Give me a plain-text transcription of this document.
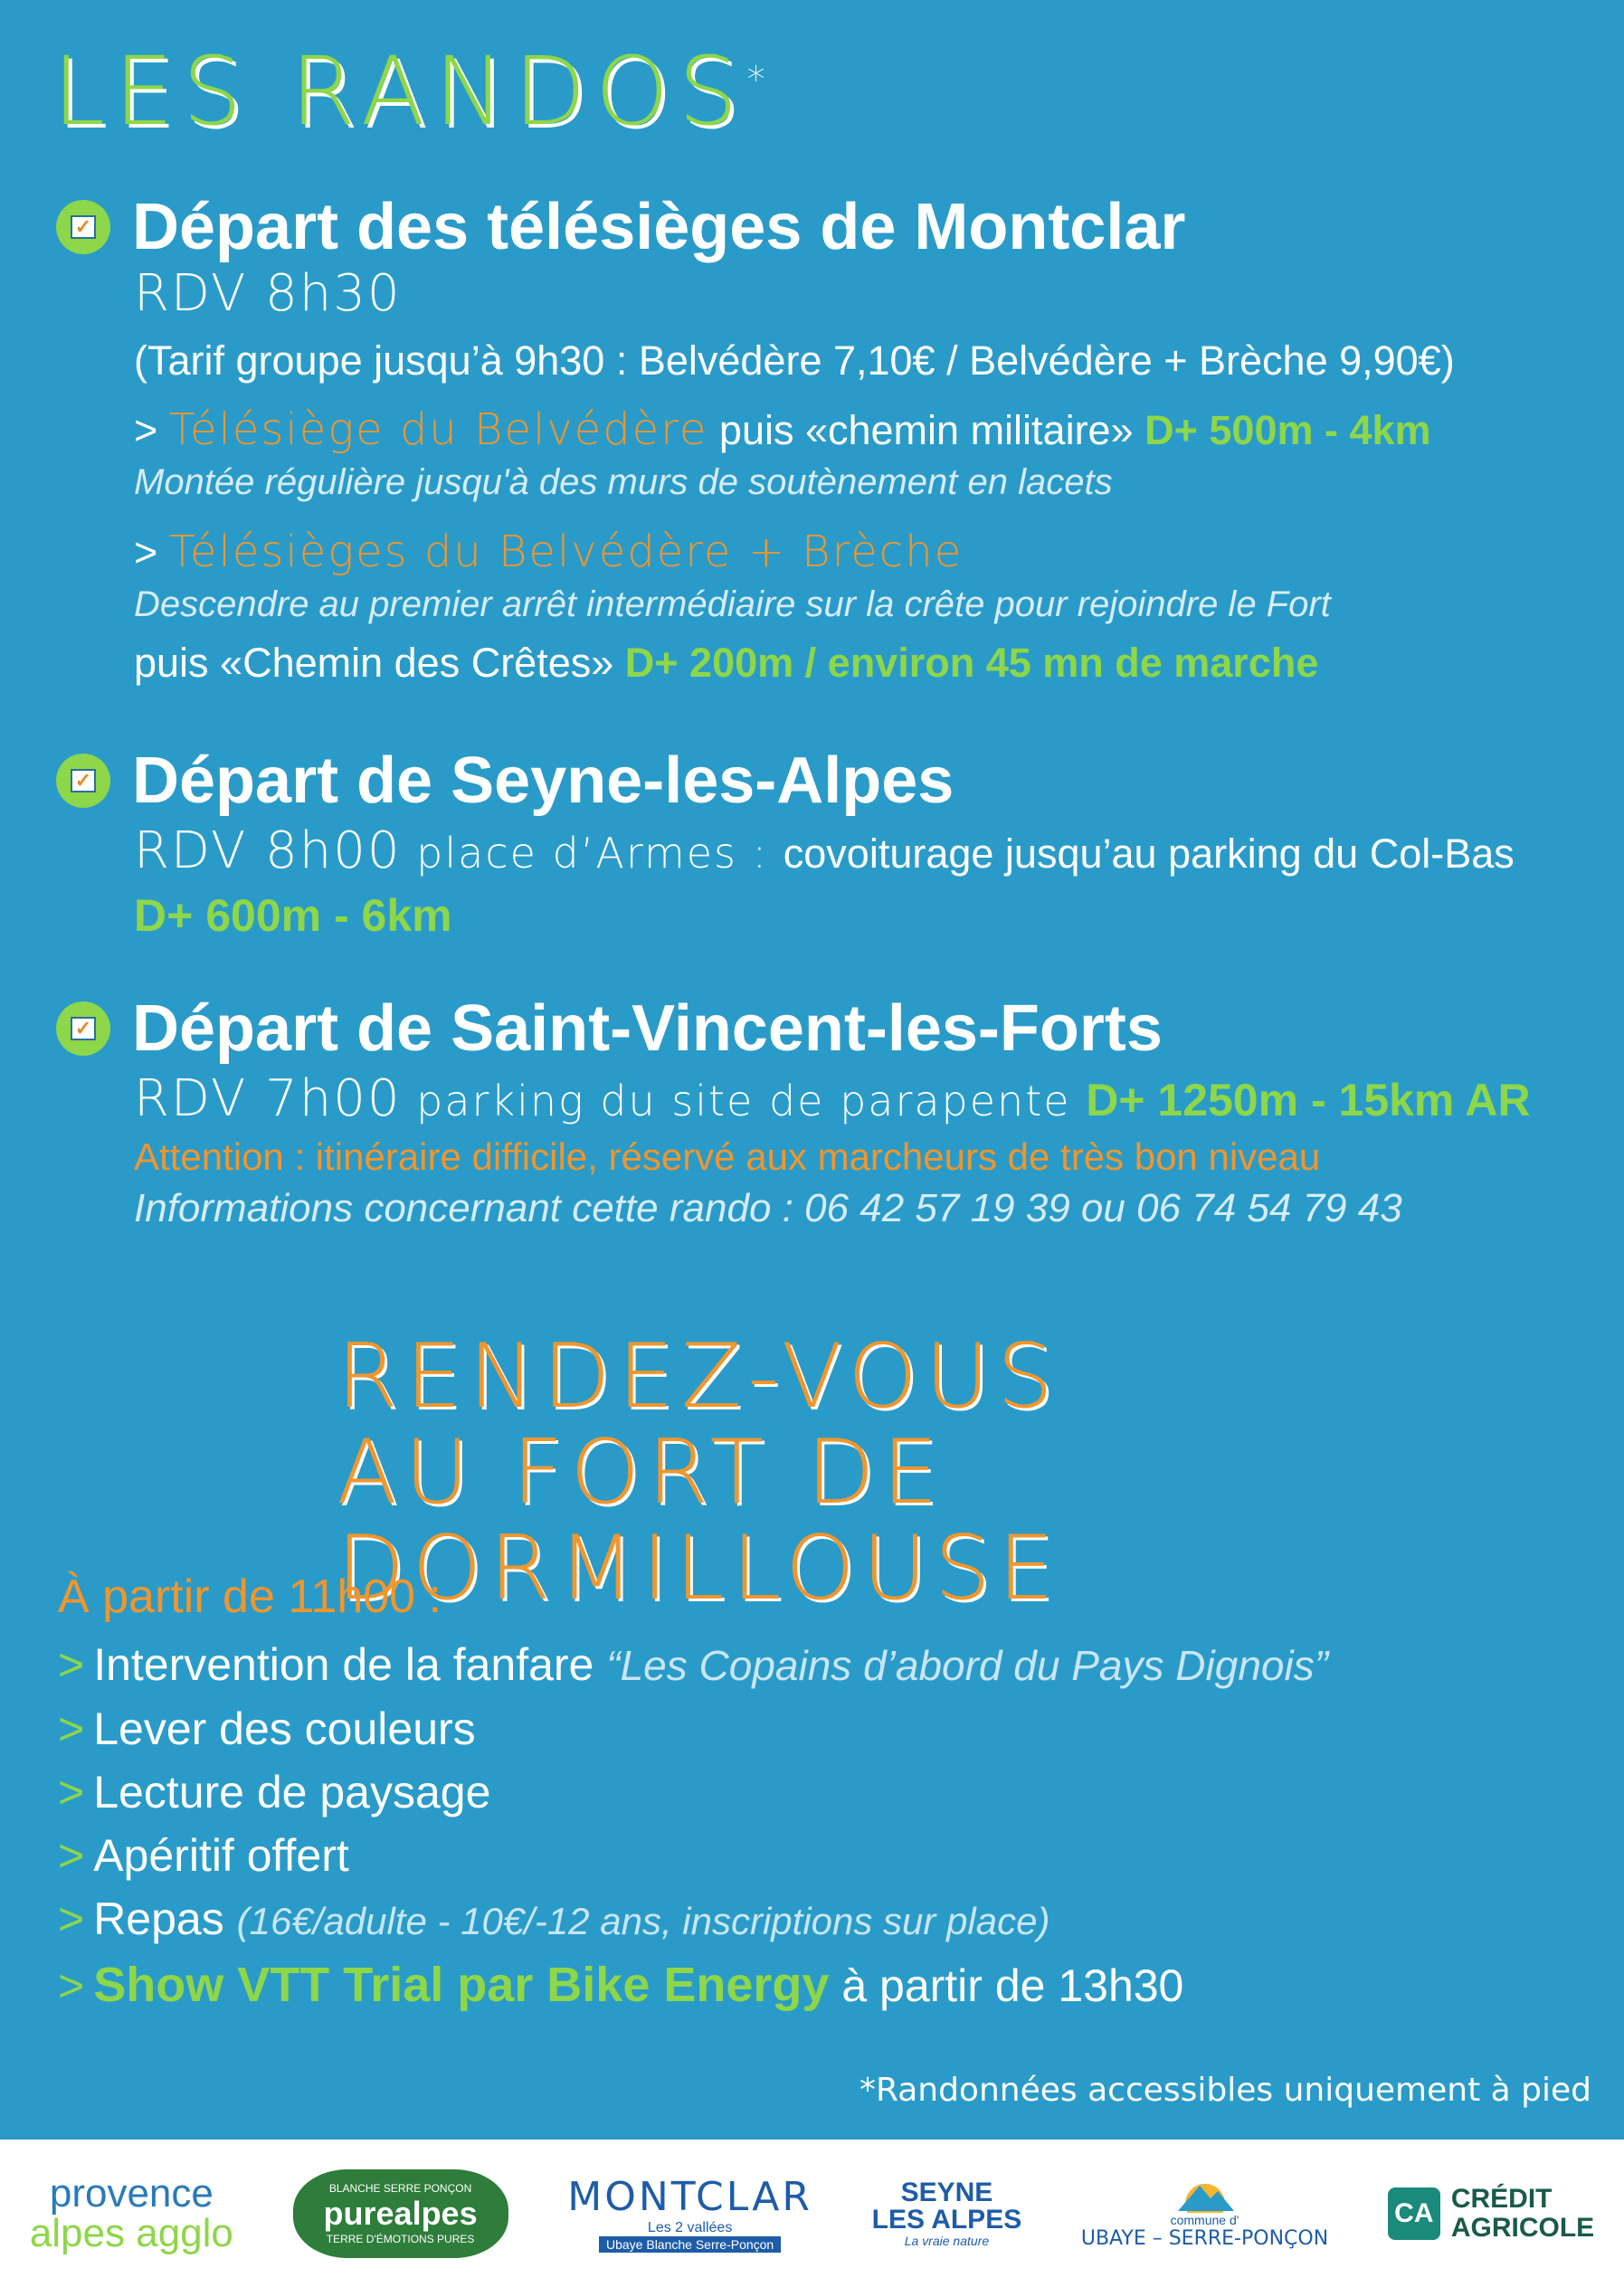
LES RANDOS*
✓ Départ des télésièges de Montclar
RDV 8h30
(Tarif groupe jusqu’à 9h30 : Belvédère 7,10€ / Belvédère + Brèche 9,90€)
> Télésiège du Belvédère puis «chemin militaire» D+ 500m - 4km
Montée régulière jusqu'à des murs de soutènement en lacets
> Télésièges du Belvédère + Brèche
Descendre au premier arrêt intermédiaire sur la crête pour rejoindre le Fort
puis «Chemin des Crêtes» D+ 200m / environ 45 mn de marche
✓ Départ de Seyne-les-Alpes
RDV 8h00 place d’Armes : covoiturage jusqu’au parking du Col-Bas
D+ 600m - 6km
✓ Départ de Saint-Vincent-les-Forts
RDV 7h00 parking du site de parapente D+ 1250m - 15km AR
Attention : itinéraire difficile, réservé aux marcheurs de très bon niveau
Informations concernant cette rando : 06 42 57 19 39 ou 06 74 54 79 43
RENDEZ-VOUS
AU FORT DE DORMILLOUSE
À partir de 11h00 :
> Intervention de la fanfare “Les Copains d’abord du Pays Dignois”
> Lever des couleurs
> Lecture de paysage
> Apéritif offert
> Repas (16€/adulte - 10€/-12 ans, inscriptions sur place)
> Show VTT Trial par Bike Energy à partir de 13h30
*Randonnées accessibles uniquement à pied
provence
alpes agglo
BLANCHE SERRE PONÇON
purealpes
TERRE D'ÉMOTIONS PURES
MONTCLAR
Les 2 vallées
Ubaye Blanche Serre-Ponçon
SEYNE
LES ALPES
La vraie nature
commune d'
UBAYE – SERRE-PONÇON
CA CRÉDIT
AGRICOLE
